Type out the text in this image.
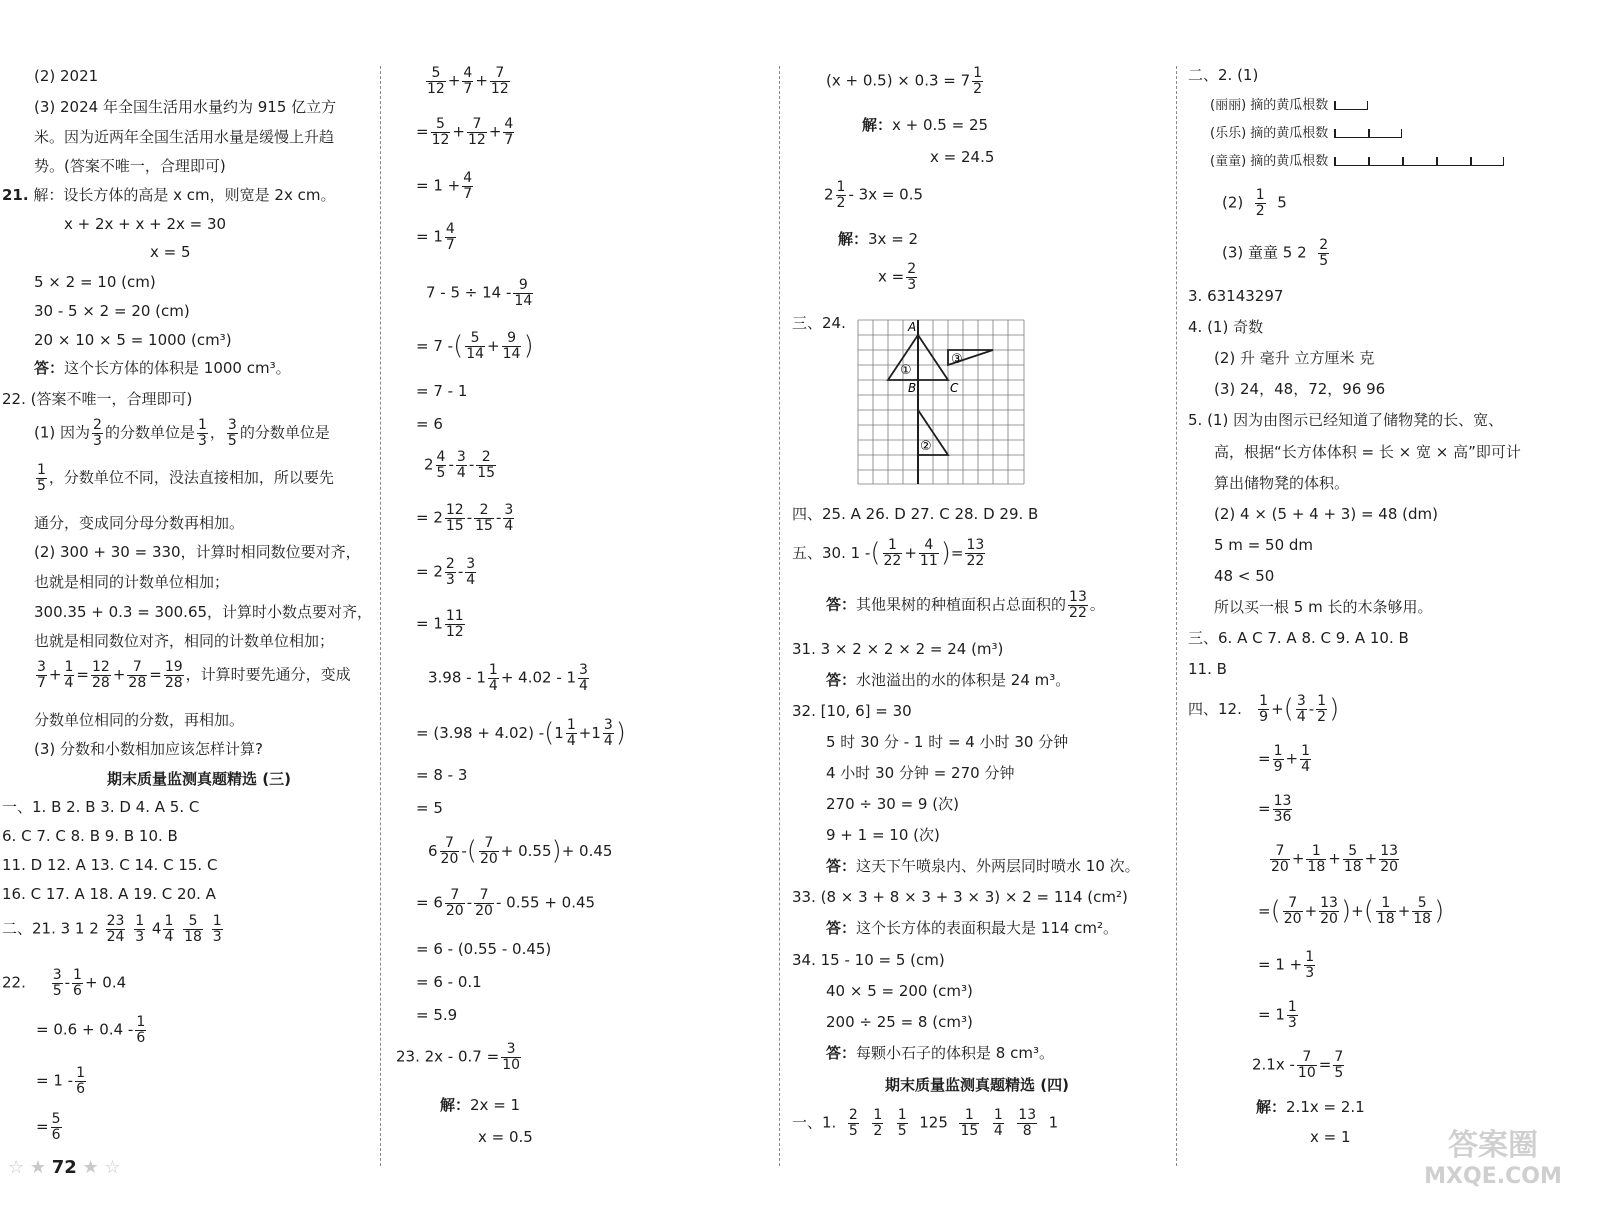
(2) 2021
(3) 2024 年全国生活用水量约为 915 亿立方
米。因为近两年全国生活用水量是缓慢上升趋
势。(答案不唯一，合理即可)
21. 解：设长方体的高是 x cm，则宽是 2x cm。
x + 2x + x + 2x = 30
x = 5
5 × 2 = 10 (cm)
30 - 5 × 2 = 20 (cm)
20 × 10 × 5 = 1000 (cm³)
答：这个长方体的体积是 1000 cm³。
22. (答案不唯一，合理即可)
(1) 因为 $\frac{2}{3}$ 的分数单位是 $\frac{1}{3}$ ， $\frac{3}{5}$ 的分数单位是
$\frac{1}{5}$ ，分数单位不同，没法直接相加，所以要先
通分，变成同分母分数再相加。
(2) 300 + 30 = 330，计算时相同数位要对齐，
也就是相同的计数单位相加；
300.35 + 0.3 = 300.65，计算时小数点要对齐，
也就是相同数位对齐，相同的计数单位相加；
$\frac{3}{7} + \frac{1}{4} = \frac{12}{28} + \frac{7}{28} = \frac{19}{28}$ ，计算时要先通分，变成
分数单位相同的分数，再相加。
(3) 分数和小数相加应该怎样计算?
期末质量监测真题精选 (三)
一、1. B 2. B 3. D 4. A 5. C
6. C 7. C 8. B 9. B 10. B
11. D 12. A 13. C 14. C 15. C
16. C 17. A 18. A 19. C 20. A
二、21. 3 1 $2 \frac{23}{24}$
$\frac{1}{3} 4 \frac{1}{4}$
$\frac{5}{18}$
$\frac{1}{3}$
22. $\frac{3}{5} - \frac{1}{6} + 0.4$
= $0.6 + 0.4 - \frac{1}{6}$
= $1 - \frac{1}{6}$
= $\frac{5}{6}$
$\frac{5}{12} + \frac{4}{7} + \frac{7}{12}$
= $\frac{5}{12} + \frac{7}{12} + \frac{4}{7}$
= $1 + \frac{4}{7}$
= $1 \frac{4}{7}$
$7 - 5 \div 14 - \frac{9}{14}$
= 7 -( $\frac{5}{14} + \frac{9}{14}$ )
= 7 - 1
= 6
$2 \frac{4}{5} - \frac{3}{4} - \frac{2}{15}$
= $2 \frac{12}{15} - \frac{2}{15} - \frac{3}{4}$
= $2 \frac{2}{3} - \frac{3}{4}$
= $1 \frac{11}{12}$
$3.98 - 1 \frac{1}{4} + 4.02 - 1 \frac{3}{4}$
= (3.98 + 4.02) $-(1 \frac{1}{4} +1 \frac{3}{4}$ )
= 8 - 3
= 5
$6 \frac{7}{20}$ -( $\frac{7}{20} + 0.55)+ 0.45$
= $6 \frac{7}{20} - \frac{7}{20} - 0.55 + 0.45$
= 6 - (0.55 - 0.45)
= 6 - 0.1
= 5.9
23. $2x - 0.7 = \frac{3}{10}$
解：2x = 1
x = 0.5
$(x + 0.5) \times 0.3 = 7 \frac{1}{2}$
解：x + 0.5 = 25
x = 24.5
$2 \frac{1}{2} - 3x = 0.5$
解：3x = 2
$x = \frac{2}{3}$
三、24.	A
B	C
①
③
②
四、25. A 26. D 27. C 28. D 29. B
五、30. 1 -( $\frac{1}{22} + \frac{4}{11}$ )= $\frac{13}{22}$
答：其他果树的种植面积占总面积的 $\frac{13}{22}$ 。
31. 3 × 2 × 2 × 2 = 24 (m³)
答：水池溢出的水的体积是 24 m³。
32. [10, 6] = 30
5 时 30 分 - 1 时 = 4 小时 30 分钟
4 小时 30 分钟 = 270 分钟
270 ÷ 30 = 9 (次)
9 + 1 = 10 (次)
答：这天下午喷泉内、外两层同时喷水 10 次。
33. (8 × 3 + 8 × 3 + 3 × 3) × 2 = 114 (cm²)
答：这个长方体的表面积最大是 114 cm²。
34. 15 - 10 = 5 (cm)
40 × 5 = 200 (cm³)
200 ÷ 25 = 8 (cm³)
答：每颗小石子的体积是 8 cm³。
期末质量监测真题精选 (四)
一、1. $\frac{2}{5}$
$\frac{1}{2}$
$\frac{1}{5} 125 \frac{1}{15}$
$\frac{1}{4}$
$\frac{13}{8} 1$
二、2. (1)
(丽丽) 摘的黄瓜根数
(乐乐) 摘的黄瓜根数
(童童) 摘的黄瓜根数
$(2) \frac{1}{2} 5$
(3) 童童 5 $2 \frac{2}{5}$
3. 63143297
4. (1) 奇数
(2) 升 毫升 立方厘米 克
(3) 24，48，72，96 96
5. (1) 因为由图示已经知道了储物凳的长、宽、
高，根据“长方体体积 = 长 × 宽 × 高”即可计
算出储物凳的体积。
(2) 4 × (5 + 4 + 3) = 48 (dm)
5 m = 50 dm
48 < 50
所以买一根 5 m 长的木条够用。
三、6. A C 7. A 8. C 9. A 10. B
11. B
四、12. $\frac{1}{9}$ +( $\frac{3}{4} - \frac{1}{2}$ )
= $\frac{1}{9} + \frac{1}{4}$
= $\frac{13}{36}$
$\frac{7}{20} + \frac{1}{18} + \frac{5}{18} + \frac{13}{20}$
=( $\frac{7}{20} + \frac{13}{20}$ )+( $\frac{1}{18} + \frac{5}{18}$ )
= $1 + \frac{1}{3}$
= $1 \frac{1}{3}$
$2.1x - \frac{7}{10} = \frac{7}{5}$
解：2.1x = 2.1
x = 1
☆ ★ 72 ★ ☆
答案圈
MXQE.COM
